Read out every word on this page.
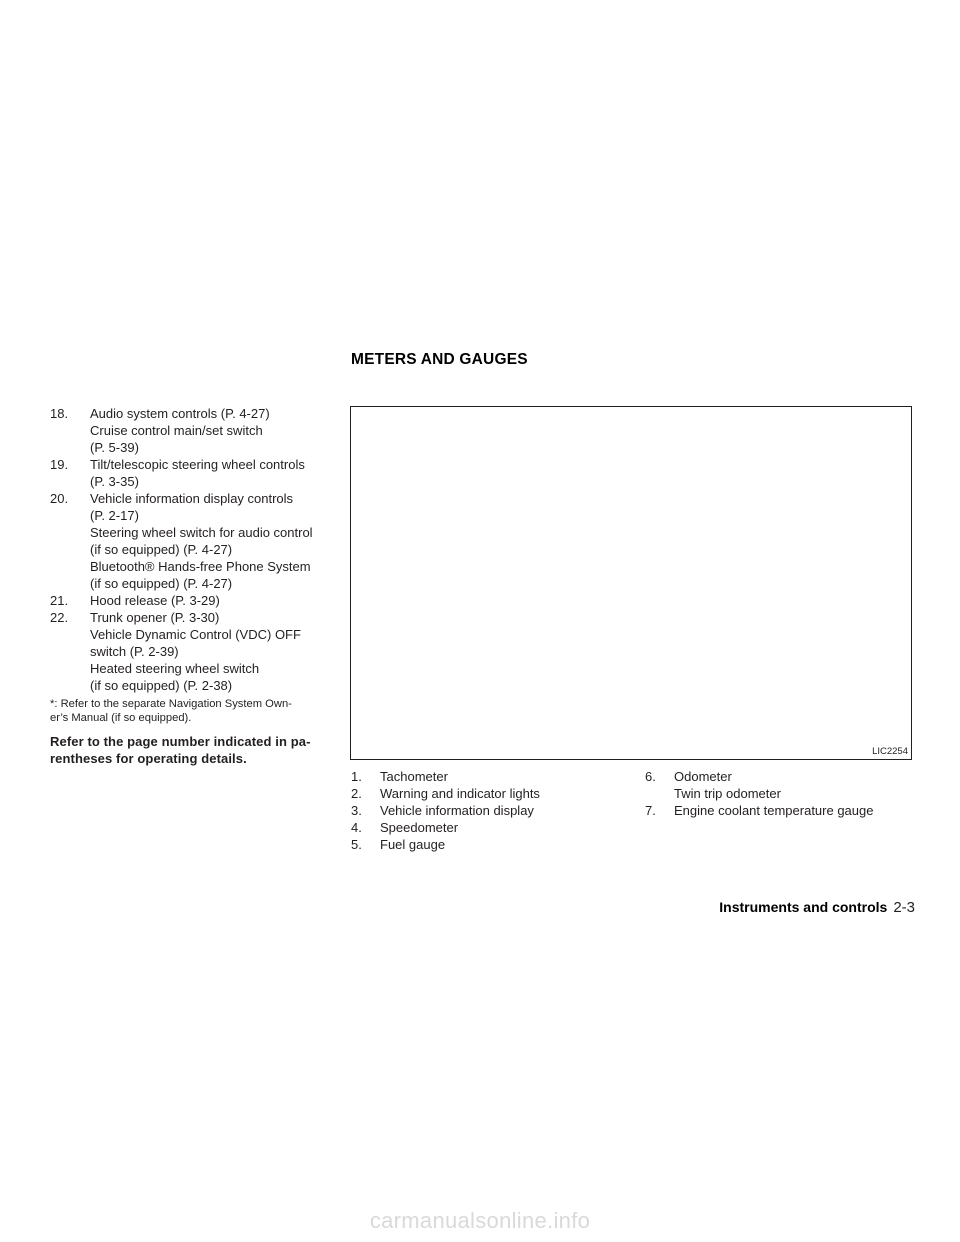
METERS AND GAUGES
18.	Audio system controls (P. 4-27)
Cruise control main/set switch
(P. 5-39)
19.	Tilt/telescopic steering wheel controls
(P. 3-35)
20.	Vehicle information display controls
(P. 2-17)
Steering wheel switch for audio control
(if so equipped) (P. 4-27)
Bluetooth® Hands-free Phone System
(if so equipped) (P. 4-27)
21.	Hood release (P. 3-29)
22.	Trunk opener (P. 3-30)
Vehicle Dynamic Control (VDC) OFF
switch (P. 2-39)
Heated steering wheel switch
(if so equipped) (P. 2-38)
*: Refer to the separate Navigation System Own-
er’s Manual (if so equipped).
Refer to the page number indicated in pa-
rentheses for operating details.	LIC2254
1.	Tachometer
2.	Warning and indicator lights
3.	Vehicle information display
4.	Speedometer
5.	Fuel gauge
6.	Odometer
Twin trip odometer
7.	Engine coolant temperature gauge
Instruments and controls 2-3
carmanualsonline.info
